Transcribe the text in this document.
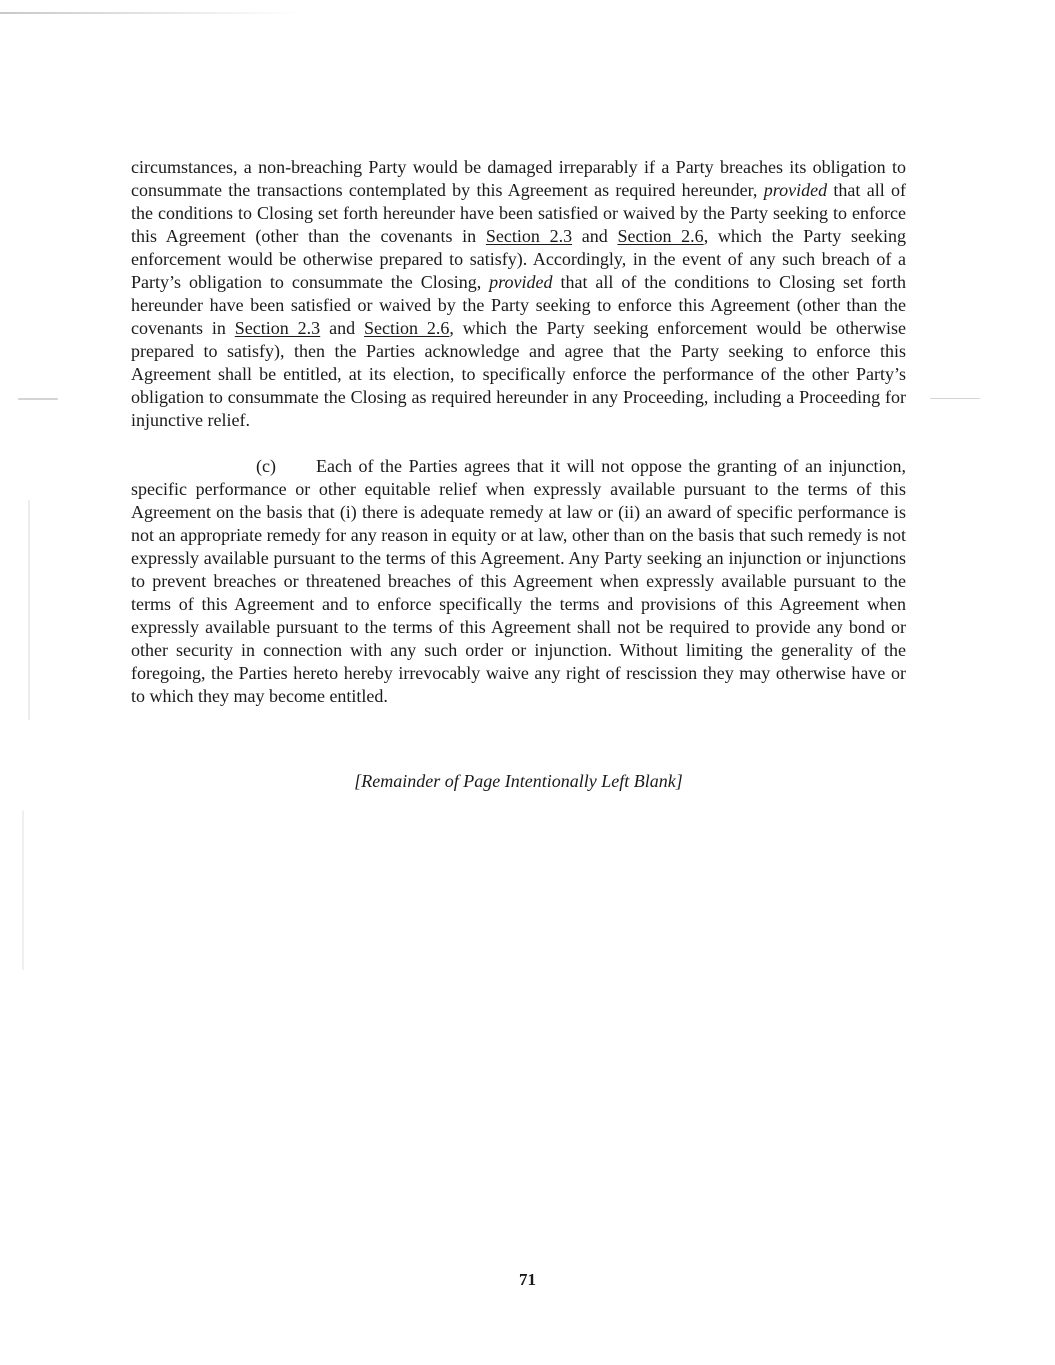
circumstances, a non-breaching Party would be damaged irreparably if a Party breaches its obligation to consummate the transactions contemplated by this Agreement as required hereunder, provided that all of the conditions to Closing set forth hereunder have been satisfied or waived by the Party seeking to enforce this Agreement (other than the covenants in Section 2.3 and Section 2.6, which the Party seeking enforcement would be otherwise prepared to satisfy). Accordingly, in the event of any such breach of a Party’s obligation to consummate the Closing, provided that all of the conditions to Closing set forth hereunder have been satisfied or waived by the Party seeking to enforce this Agreement (other than the covenants in Section 2.3 and Section 2.6, which the Party seeking enforcement would be otherwise prepared to satisfy), then the Parties acknowledge and agree that the Party seeking to enforce this Agreement shall be entitled, at its election, to specifically enforce the performance of the other Party’s obligation to consummate the Closing as required hereunder in any Proceeding, including a Proceeding for injunctive relief.

(c) Each of the Parties agrees that it will not oppose the granting of an injunction, specific performance or other equitable relief when expressly available pursuant to the terms of this Agreement on the basis that (i) there is adequate remedy at law or (ii) an award of specific performance is not an appropriate remedy for any reason in equity or at law, other than on the basis that such remedy is not expressly available pursuant to the terms of this Agreement. Any Party seeking an injunction or injunctions to prevent breaches or threatened breaches of this Agreement when expressly available pursuant to the terms of this Agreement and to enforce specifically the terms and provisions of this Agreement when expressly available pursuant to the terms of this Agreement shall not be required to provide any bond or other security in connection with any such order or injunction. Without limiting the generality of the foregoing, the Parties hereto hereby irrevocably waive any right of rescission they may otherwise have or to which they may become entitled.

[Remainder of Page Intentionally Left Blank]
71
